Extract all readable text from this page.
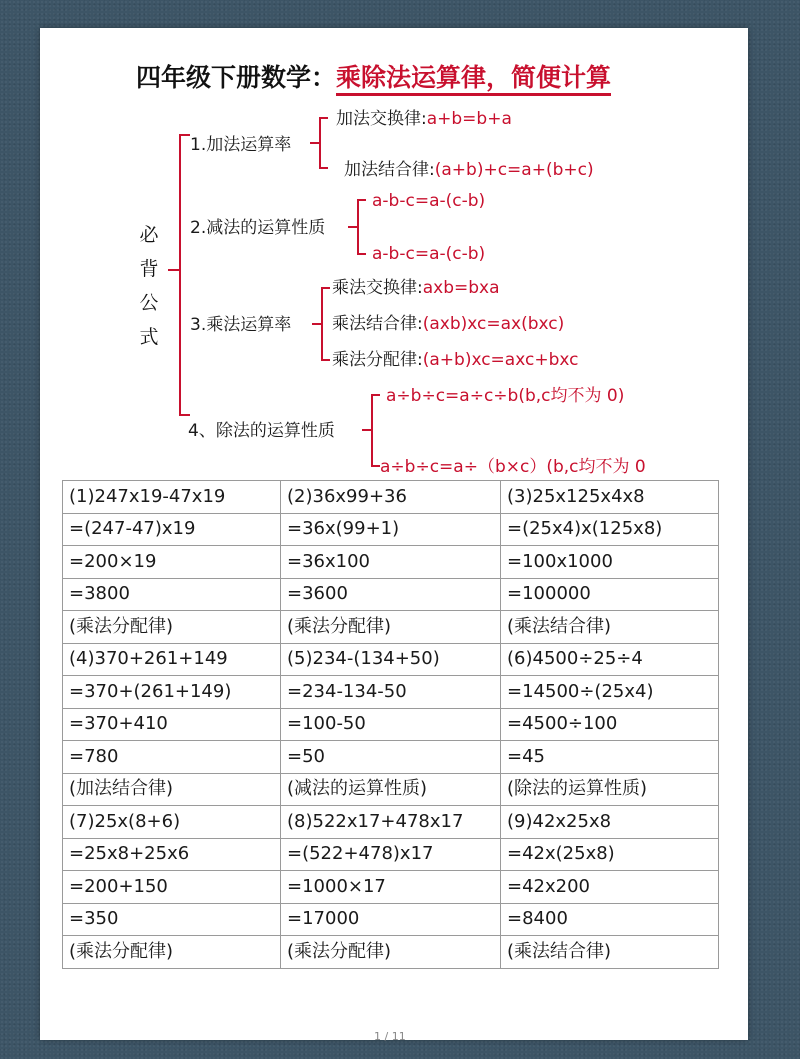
四年级下册数学：乘除法运算律，简便计算
必
背
公
式
1.加法运算率
加法交换律:a+b=b+a
加法结合律:(a+b)+c=a+(b+c)
2.减法的运算性质
a-b-c=a-(c-b)
a-b-c=a-(c-b)
3.乘法运算率
乘法交换律:axb=bxa
乘法结合律:(axb)xc=ax(bxc)
乘法分配律:(a+b)xc=axc+bxc
4、除法的运算性质
a÷b÷c=a÷c÷b(b,c均不为 0)
a÷b÷c=a÷（b×c）(b,c均不为 0
(1)247x19-47x19	(2)36x99+36	(3)25x125x4x8
=(247-47)x19	=36x(99+1)	=(25x4)x(125x8)
=200×19	=36x100	=100x1000
=3800	=3600	=100000
(乘法分配律)	(乘法分配律)	(乘法结合律)
(4)370+261+149	(5)234-(134+50)	(6)4500÷25÷4
=370+(261+149)	=234-134-50	=14500÷(25x4)
=370+410	=100-50	=4500÷100
=780	=50	=45
(加法结合律)	(减法的运算性质)	(除法的运算性质)
(7)25x(8+6)	(8)522x17+478x17	(9)42x25x8
=25x8+25x6	=(522+478)x17	=42x(25x8)
=200+150	=1000×17	=42x200
=350	=17000	=8400
(乘法分配律)	(乘法分配律)	(乘法结合律)
1 / 11
